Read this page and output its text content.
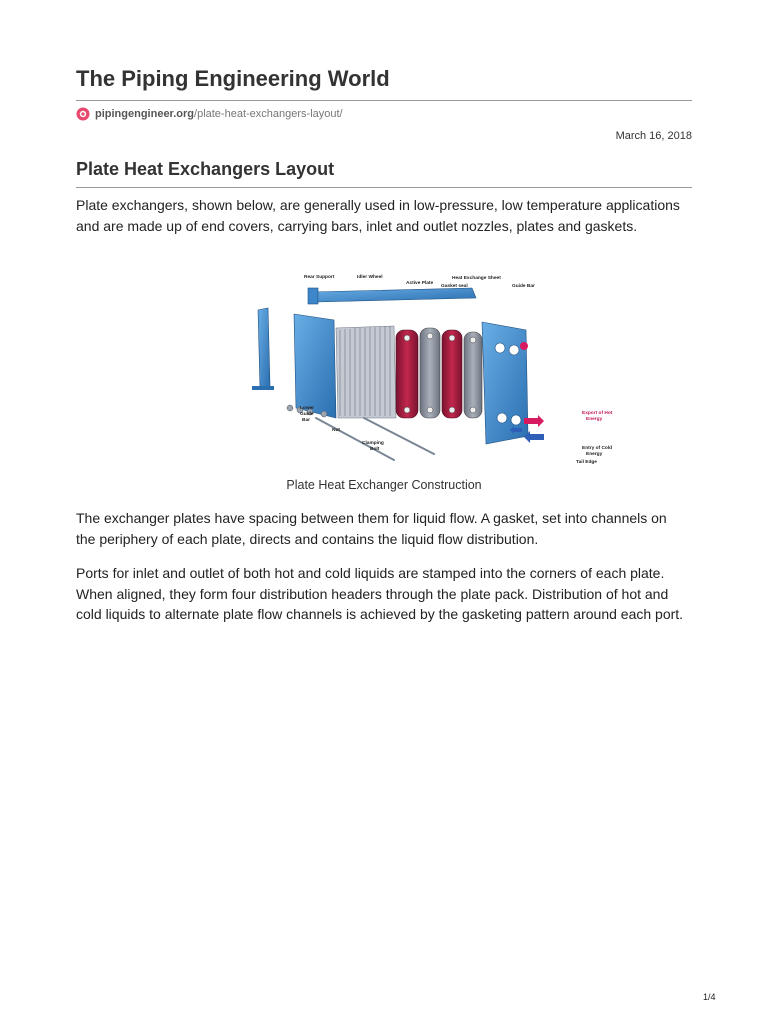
The Piping Engineering World
pipingengineer.org /plate-heat-exchangers-layout/
March 16, 2018
Plate Heat Exchangers Layout

Plate exchangers, shown below, are generally used in low-pressure, low temperature applications and are made up of end covers, carrying bars, inlet and outlet nozzles, plates and gaskets.

Rear Support	Idler Wheel
Active Plate
Gasket seal
Heat Exchange Sheet
Guide Bar
Lower
Guide
Bar
Nut
Clamping
Bolt
Export of Hot
Energy
Entry of Cold
Energy
Tail Edge
Plate Heat Exchanger Construction

The exchanger plates have spacing between them for liquid flow. A gasket, set into channels on the periphery of each plate, directs and contains the liquid flow distribution.

Ports for inlet and outlet of both hot and cold liquids are stamped into the corners of each plate. When aligned, they form four distribution headers through the plate pack. Distribution of hot and cold liquids to alternate plate flow channels is achieved by the gasketing pattern around each port.

1/4
